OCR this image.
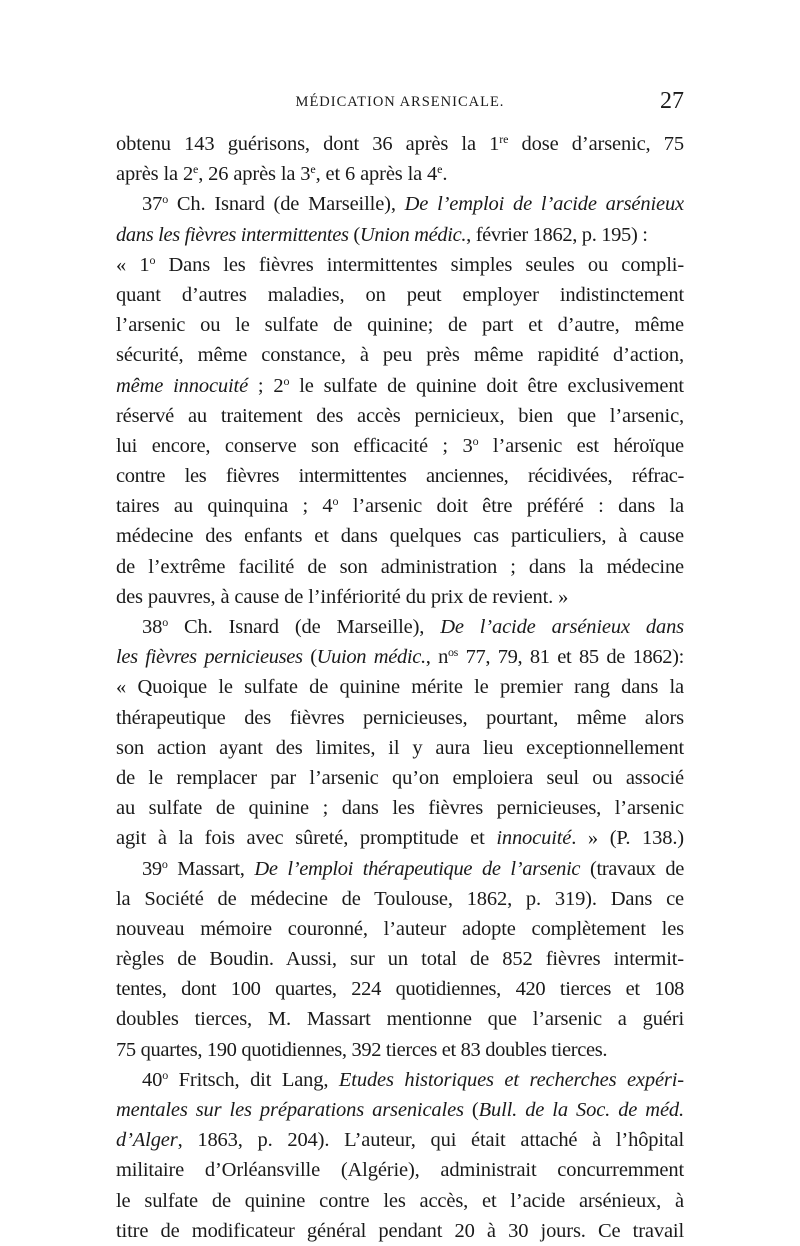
MÉDICATION ARSENICALE.	27
obtenu 143 guérisons, dont 36 après la 1re dose d’arsenic, 75
après la 2e, 26 après la 3e, et 6 après la 4e.
37$^o$ Ch. Isnard (de Marseille), De l’emploi de l’acide arsénieux
dans les fièvres intermittentes (Union médic., février 1862, p. 195) :
« 1$^o$ Dans les fièvres intermittentes simples seules ou compli-
quant d’autres maladies, on peut employer indistinctement
l’arsenic ou le sulfate de quinine; de part et d’autre, même
sécurité, même constance, à peu près même rapidité d’action,
même innocuité ; 2$^o$ le sulfate de quinine doit être exclusivement
réservé au traitement des accès pernicieux, bien que l’arsenic,
lui encore, conserve son efficacité ; 3$^o$ l’arsenic est héroïque
contre les fièvres intermittentes anciennes, récidivées, réfrac-
taires au quinquina ; 4$^o$ l’arsenic doit être préféré : dans la
médecine des enfants et dans quelques cas particuliers, à cause
de l’extrême facilité de son administration ; dans la médecine
des pauvres, à cause de l’infériorité du prix de revient. »
38$^o$ Ch. Isnard (de Marseille), De l’acide arsénieux dans
les fièvres pernicieuses (Uuion médic., $n^{os}$ 77, 79, 81 et 85 de 1862):
« Quoique le sulfate de quinine mérite le premier rang dans la
thérapeutique des fièvres pernicieuses, pourtant, même alors
son action ayant des limites, il y aura lieu exceptionnellement
de le remplacer par l’arsenic qu’on emploiera seul ou associé
au sulfate de quinine ; dans les fièvres pernicieuses, l’arsenic
agit à la fois avec sûreté, promptitude et innocuité. » (P. 138.)
39$^o$ Massart, De l’emploi thérapeutique de l’arsenic (travaux de
la Société de médecine de Toulouse, 1862, p. 319). Dans ce
nouveau mémoire couronné, l’auteur adopte complètement les
règles de Boudin. Aussi, sur un total de 852 fièvres intermit-
tentes, dont 100 quartes, 224 quotidiennes, 420 tierces et 108
doubles tierces, M. Massart mentionne que l’arsenic a guéri
75 quartes, 190 quotidiennes, 392 tierces et 83 doubles tierces.
40$^o$ Fritsch, dit Lang, Etudes historiques et recherches expéri-
mentales sur les préparations arsenicales (Bull. de la Soc. de méd.
d’Alger, 1863, p. 204). L’auteur, qui était attaché à l’hôpital
militaire d’Orléansville (Algérie), administrait concurremment
le sulfate de quinine contre les accès, et l’acide arsénieux, à
titre de modificateur général pendant 20 à 30 jours. Ce travail
